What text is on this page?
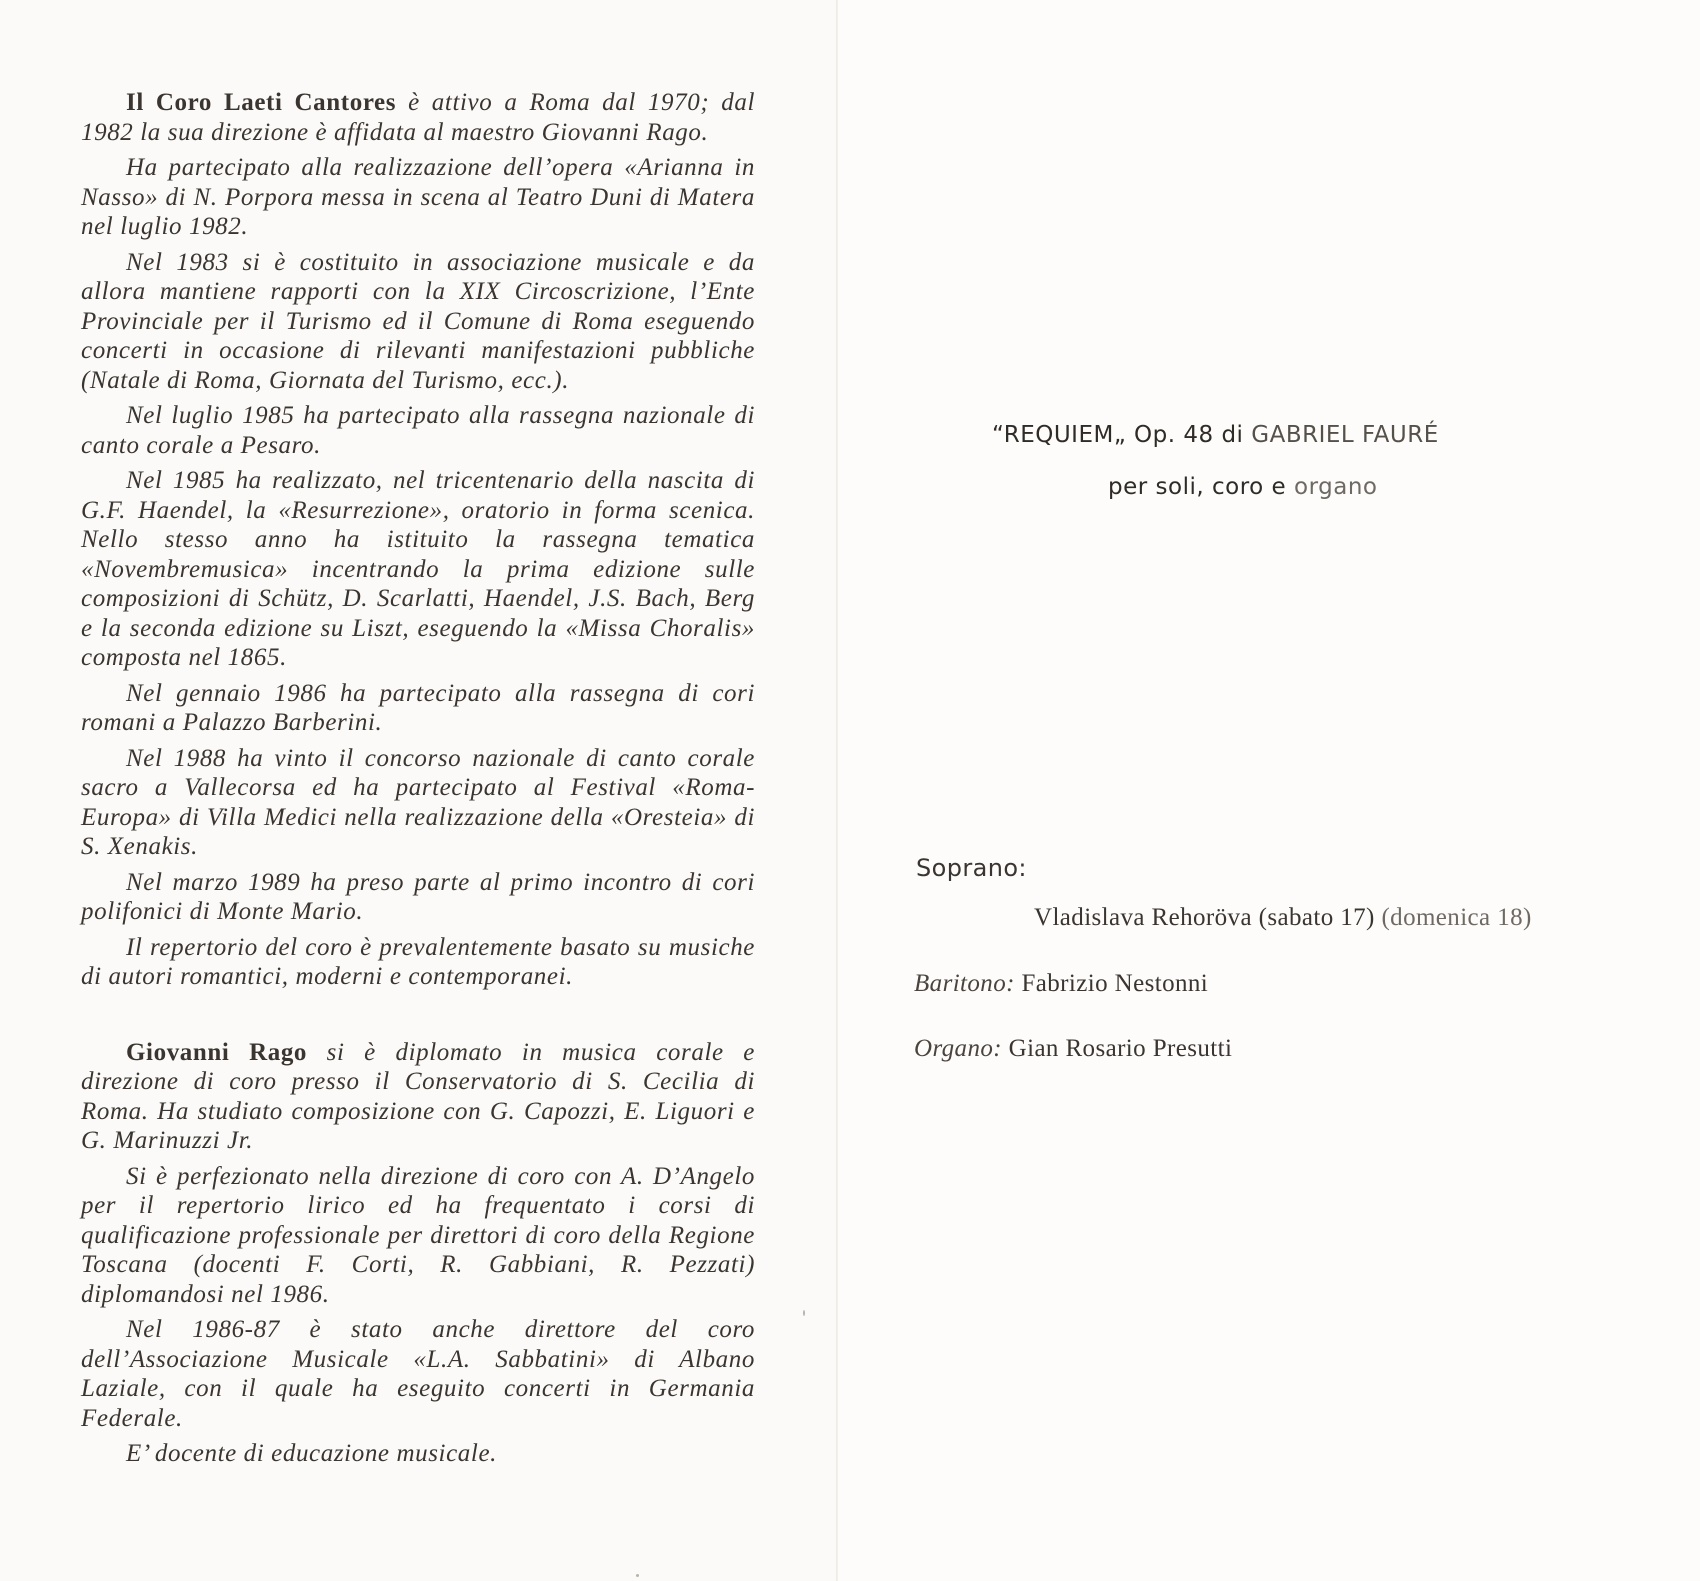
Il Coro Laeti Cantores è attivo a Roma dal 1970; dal 1982 la sua direzione è affidata al maestro Giovanni Rago.

Ha partecipato alla realizzazione dell’opera «Arianna in Nasso» di N. Porpora messa in scena al Teatro Duni di Matera nel luglio 1982.

Nel 1983 si è costituito in associazione musicale e da allora mantiene rapporti con la XIX Circoscrizione, l’Ente Provinciale per il Turismo ed il Comune di Roma eseguendo concerti in occasione di rilevanti manifestazioni pubbliche (Natale di Roma, Giornata del Turismo, ecc.).

Nel luglio 1985 ha partecipato alla rassegna nazionale di canto corale a Pesaro.

Nel 1985 ha realizzato, nel tricentenario della nascita di G.F. Haendel, la «Resurrezione», oratorio in forma scenica. Nello stesso anno ha istituito la rassegna tematica «Novembremusica» incentrando la prima edizione sulle composizioni di Schütz, D. Scarlatti, Haendel, J.S. Bach, Berg e la seconda edizione su Liszt, eseguendo la «Missa Choralis» composta nel 1865.

Nel gennaio 1986 ha partecipato alla rassegna di cori romani a Palazzo Barberini.

Nel 1988 ha vinto il concorso nazionale di canto corale sacro a Vallecorsa ed ha partecipato al Festival «Roma-Europa» di Villa Medici nella realizzazione della «Oresteia» di S. Xenakis.

Nel marzo 1989 ha preso parte al primo incontro di cori polifonici di Monte Mario.

Il repertorio del coro è prevalentemente basato su musiche di autori romantici, moderni e contemporanei.

Giovanni Rago si è diplomato in musica corale e direzione di coro presso il Conservatorio di S. Cecilia di Roma. Ha studiato composizione con G. Capozzi, E. Liguori e G. Marinuzzi Jr.

Si è perfezionato nella direzione di coro con A. D’Angelo per il repertorio lirico ed ha frequentato i corsi di qualificazione professionale per direttori di coro della Regione Toscana (docenti F. Corti, R. Gabbiani, R. Pezzati) diplomandosi nel 1986.

Nel 1986-87 è stato anche direttore del coro dell’Associazione Musicale «L.A. Sabbatini» di Albano Laziale, con il quale ha eseguito concerti in Germania Federale.

E’ docente di educazione musicale.

“REQUIEM„ Op. 48 di GABRIEL FAURÉ
per soli, coro e organo
Soprano:
Vladislava Rehoröva (sabato 17) (domenica 18)
Baritono: Fabrizio Nestonni
Organo: Gian Rosario Presutti
